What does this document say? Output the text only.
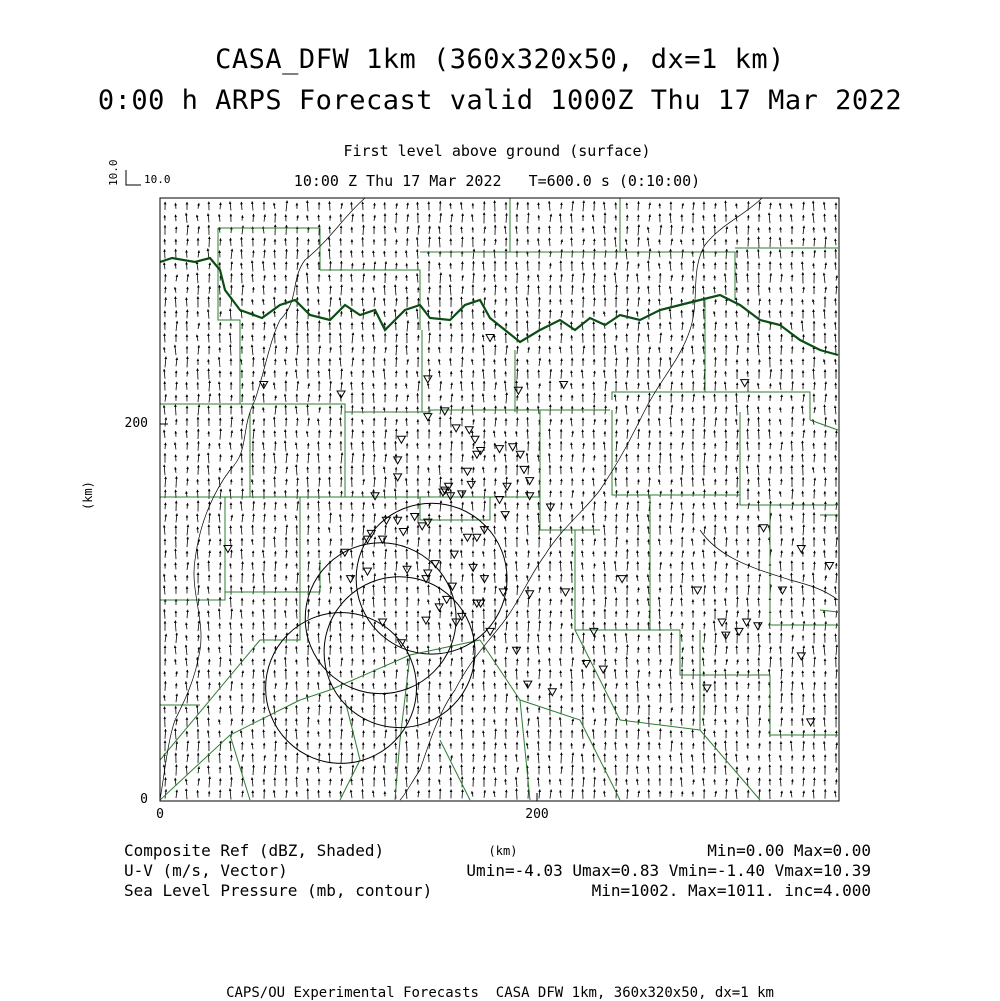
CASA_DFW 1km (360x320x50, dx=1 km)
0:00 h ARPS Forecast valid 1000Z Thu 17 Mar 2022
First level above ground (surface)
10:00 Z Thu 17 Mar 2022   T=600.0 s (0:10:00)
10.0
10.0
0
200
0	200
(km)
(km)
Composite Ref (dBZ, Shaded)	Min=0.00 Max=0.00
U-V (m/s, Vector)	Umin=-4.03 Umax=0.83 Vmin=-1.40 Vmax=10.39
Sea Level Pressure (mb, contour)	Min=1002. Max=1011. inc=4.000
CAPS/OU Experimental Forecasts  CASA DFW 1km, 360x320x50, dx=1 km
